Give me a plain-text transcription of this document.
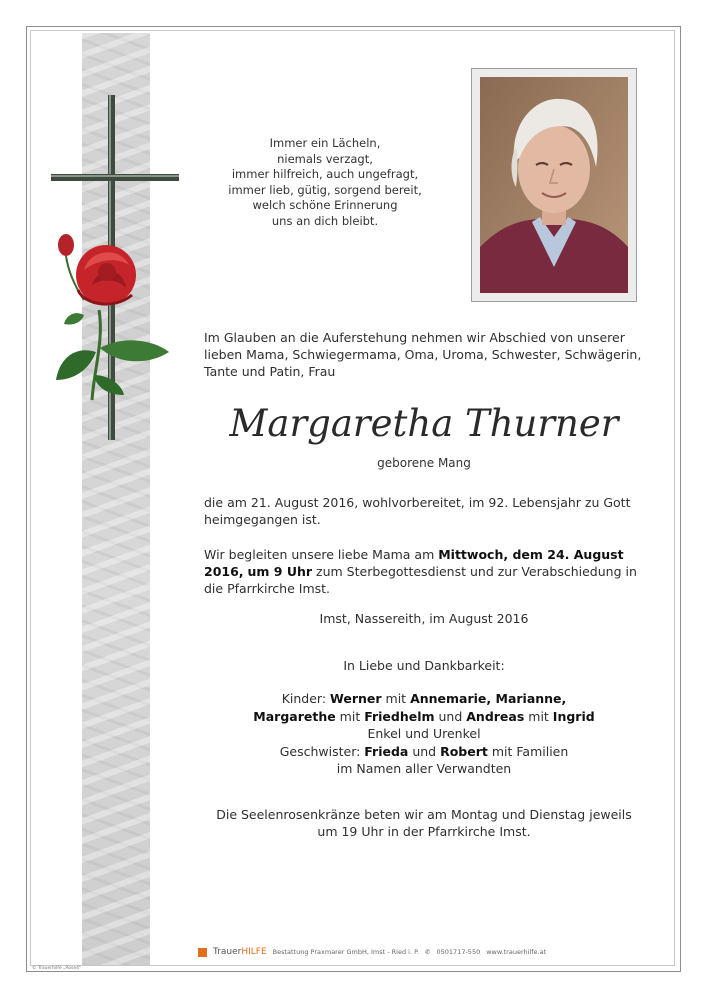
Immer ein Lächeln,
niemals verzagt,
immer hilfreich, auch ungefragt,
immer lieb, gütig, sorgend bereit,
welch schöne Erinnerung
uns an dich bleibt.
Im Glauben an die Auferstehung nehmen wir Abschied von unserer lieben Mama, Schwiegermama, Oma, Uroma, Schwester, Schwägerin, Tante und Patin, Frau
Margaretha Thurner
geborene Mang
die am 21. August 2016, wohlvorbereitet, im 92. Lebensjahr zu Gott heimgegangen ist.
Wir begleiten unsere liebe Mama am Mittwoch, dem 24. August 2016, um 9 Uhr zum Sterbegottesdienst und zur Verabschiedung in die Pfarrkirche Imst.
Imst, Nassereith, im August 2016
In Liebe und Dankbarkeit:
Kinder: Werner mit Annemarie, Marianne,
Margarethe mit Friedhelm und Andreas mit Ingrid
Enkel und Urenkel
Geschwister: Frieda und Robert mit Familien
im Namen aller Verwandten
Die Seelenrosenkränze beten wir am Montag und Dienstag jeweils
um 19 Uhr in der Pfarrkirche Imst.
TrauerHILFE Bestattung Praxmarer GmbH, Imst - Ried i. P. ✆ 0501717-550 www.trauerhilfe.at
© Trauerhilfe „Rose4“
